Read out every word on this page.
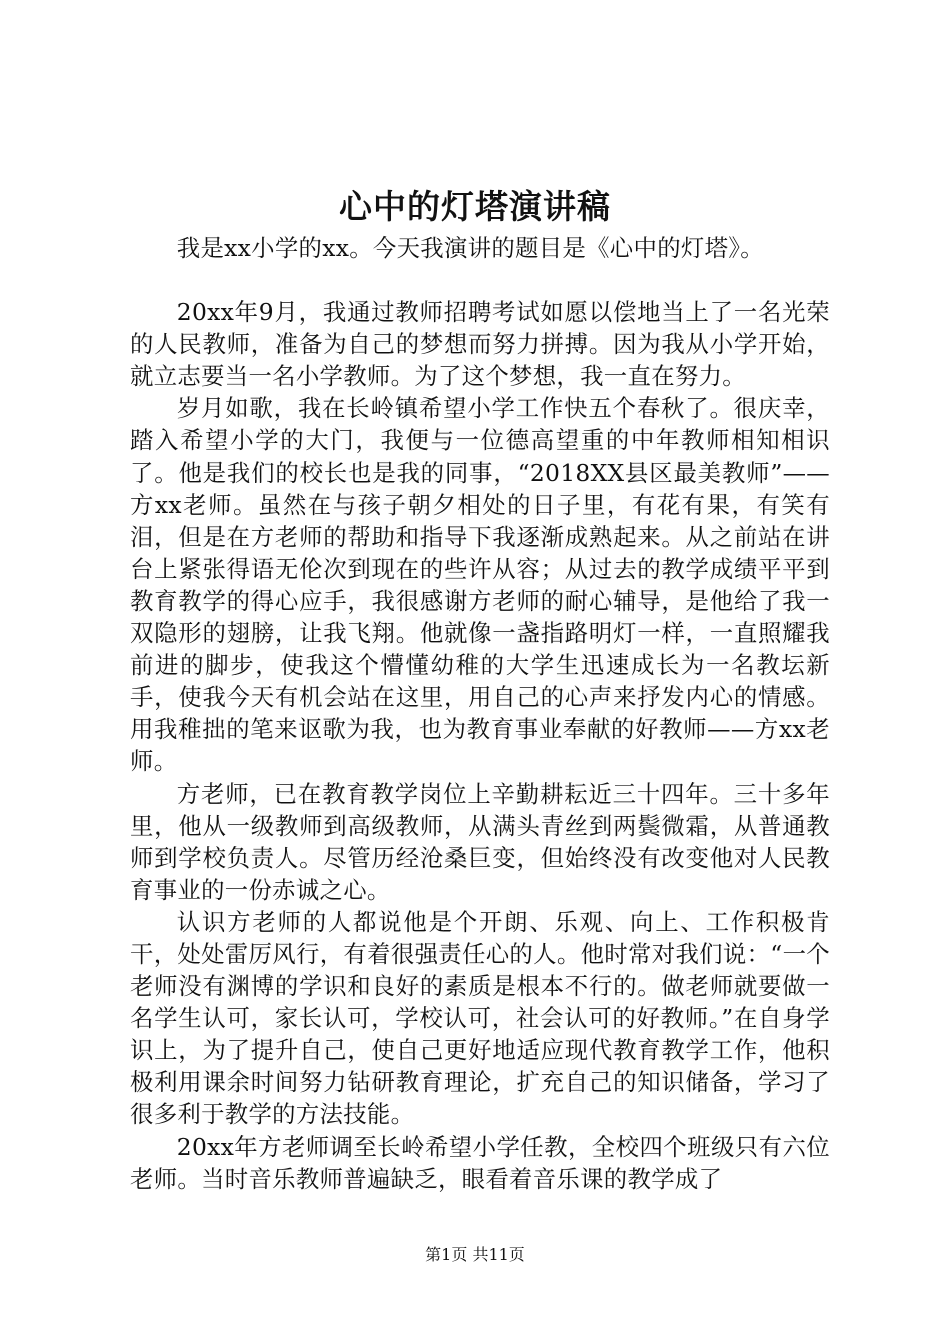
心中的灯塔演讲稿

我是xx小学的xx。今天我演讲的题目是《心中的灯塔》。

20xx年9月，我通过教师招聘考试如愿以偿地当上了一名光荣的人民教师，准备为自己的梦想而努力拼搏。因为我从小学开始，就立志要当一名小学教师。为了这个梦想，我一直在努力。

岁月如歌，我在长岭镇希望小学工作快五个春秋了。很庆幸，踏入希望小学的大门，我便与一位德高望重的中年教师相知相识了。他是我们的校长也是我的同事，“2018XX县区最美教师”——方xx老师。虽然在与孩子朝夕相处的日子里，有花有果，有笑有泪，但是在方老师的帮助和指导下我逐渐成熟起来。从之前站在讲台上紧张得语无伦次到现在的些许从容；从过去的教学成绩平平到教育教学的得心应手，我很感谢方老师的耐心辅导，是他给了我一双隐形的翅膀，让我飞翔。他就像一盏指路明灯一样，一直照耀我前进的脚步，使我这个懵懂幼稚的大学生迅速成长为一名教坛新手，使我今天有机会站在这里，用自己的心声来抒发内心的情感。用我稚拙的笔来讴歌为我，也为教育事业奉献的好教师——方xx老师。

方老师，已在教育教学岗位上辛勤耕耘近三十四年。三十多年里，他从一级教师到高级教师，从满头青丝到两鬓微霜，从普通教师到学校负责人。尽管历经沧桑巨变，但始终没有改变他对人民教育事业的一份赤诚之心。

认识方老师的人都说他是个开朗、乐观、向上、工作积极肯干，处处雷厉风行，有着很强责任心的人。他时常对我们说：“一个老师没有渊博的学识和良好的素质是根本不行的。做老师就要做一名学生认可，家长认可，学校认可，社会认可的好教师。”在自身学识上，为了提升自己，使自己更好地适应现代教育教学工作，他积极利用课余时间努力钻研教育理论，扩充自己的知识储备，学习了很多利于教学的方法技能。

20xx年方老师调至长岭希望小学任教，全校四个班级只有六位老师。当时音乐教师普遍缺乏，眼看着音乐课的教学成了

第1页 共11页
